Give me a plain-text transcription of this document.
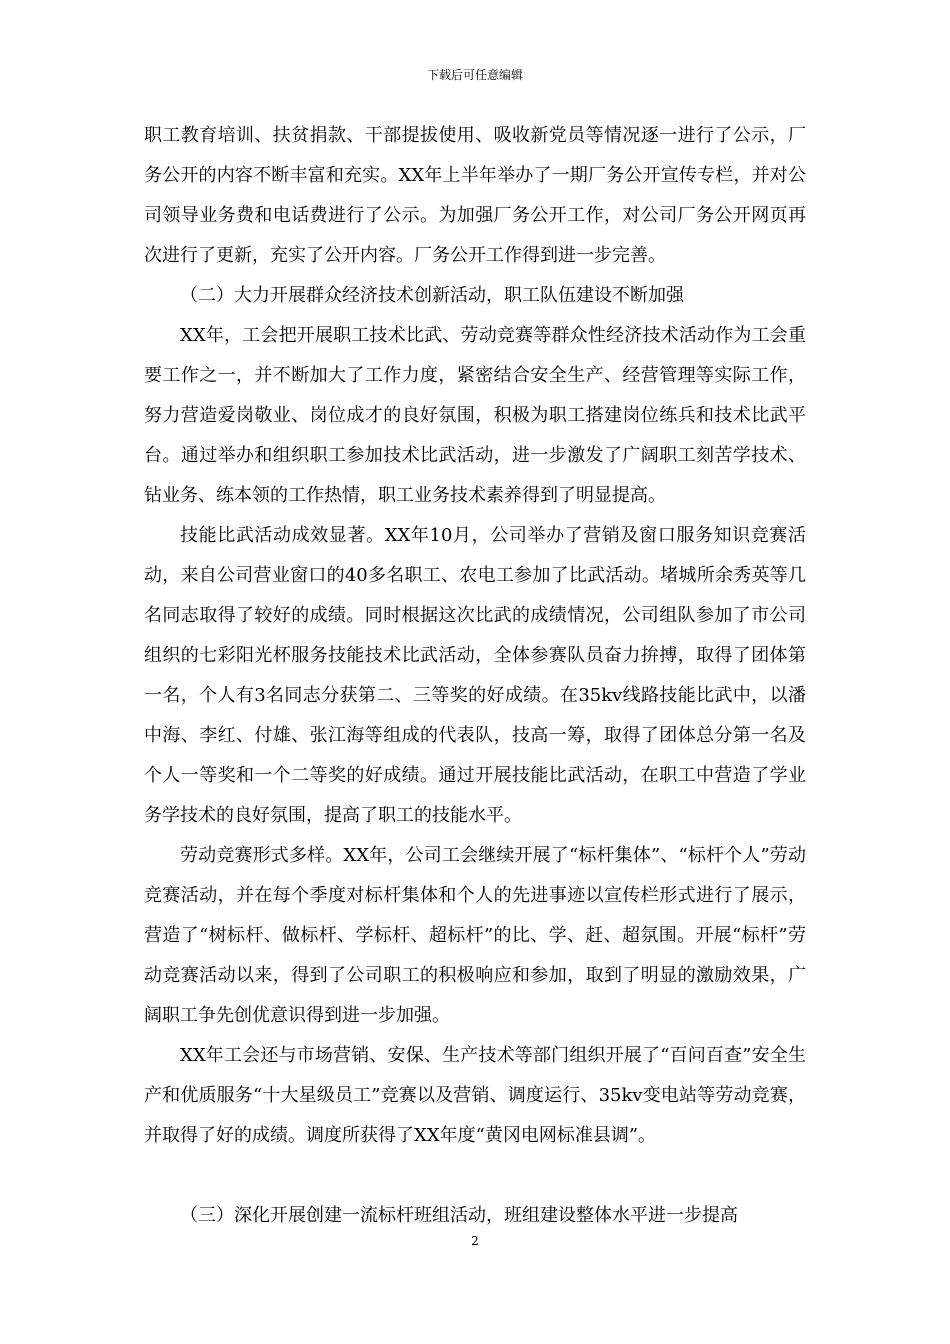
下载后可任意编辑

职工教育培训、扶贫捐款、干部提拔使用、吸收新党员等情况逐一进行了公示，厂务公开的内容不断丰富和充实。XX年上半年举办了一期厂务公开宣传专栏，并对公司领导业务费和电话费进行了公示。为加强厂务公开工作，对公司厂务公开网页再次进行了更新，充实了公开内容。厂务公开工作得到进一步完善。

（二）大力开展群众经济技术创新活动，职工队伍建设不断加强

XX年，工会把开展职工技术比武、劳动竞赛等群众性经济技术活动作为工会重要工作之一，并不断加大了工作力度，紧密结合安全生产、经营管理等实际工作，努力营造爱岗敬业、岗位成才的良好氛围，积极为职工搭建岗位练兵和技术比武平台。通过举办和组织职工参加技术比武活动，进一步激发了广阔职工刻苦学技术、钻业务、练本领的工作热情，职工业务技术素养得到了明显提高。

技能比武活动成效显著。XX年10月，公司举办了营销及窗口服务知识竞赛活动，来自公司营业窗口的40多名职工、农电工参加了比武活动。堵城所余秀英等几名同志取得了较好的成绩。同时根据这次比武的成绩情况，公司组队参加了市公司组织的七彩阳光杯服务技能技术比武活动，全体参赛队员奋力拚搏，取得了团体第一名，个人有3名同志分获第二、三等奖的好成绩。在35kv线路技能比武中，以潘中海、李红、付雄、张江海等组成的代表队，技高一筹，取得了团体总分第一名及个人一等奖和一个二等奖的好成绩。通过开展技能比武活动，在职工中营造了学业务学技术的良好氛围，提高了职工的技能水平。

劳动竞赛形式多样。XX年，公司工会继续开展了“标杆集体”、“标杆个人”劳动竞赛活动，并在每个季度对标杆集体和个人的先进事迹以宣传栏形式进行了展示，营造了“树标杆、做标杆、学标杆、超标杆”的比、学、赶、超氛围。开展“标杆”劳动竞赛活动以来，得到了公司职工的积极响应和参加，取到了明显的激励效果，广阔职工争先创优意识得到进一步加强。

XX年工会还与市场营销、安保、生产技术等部门组织开展了“百问百查”安全生产和优质服务“十大星级员工”竞赛以及营销、调度运行、35kv变电站等劳动竞赛，并取得了好的成绩。调度所获得了XX年度“黄冈电网标准县调”。

（三）深化开展创建一流标杆班组活动，班组建设整体水平进一步提高

2
